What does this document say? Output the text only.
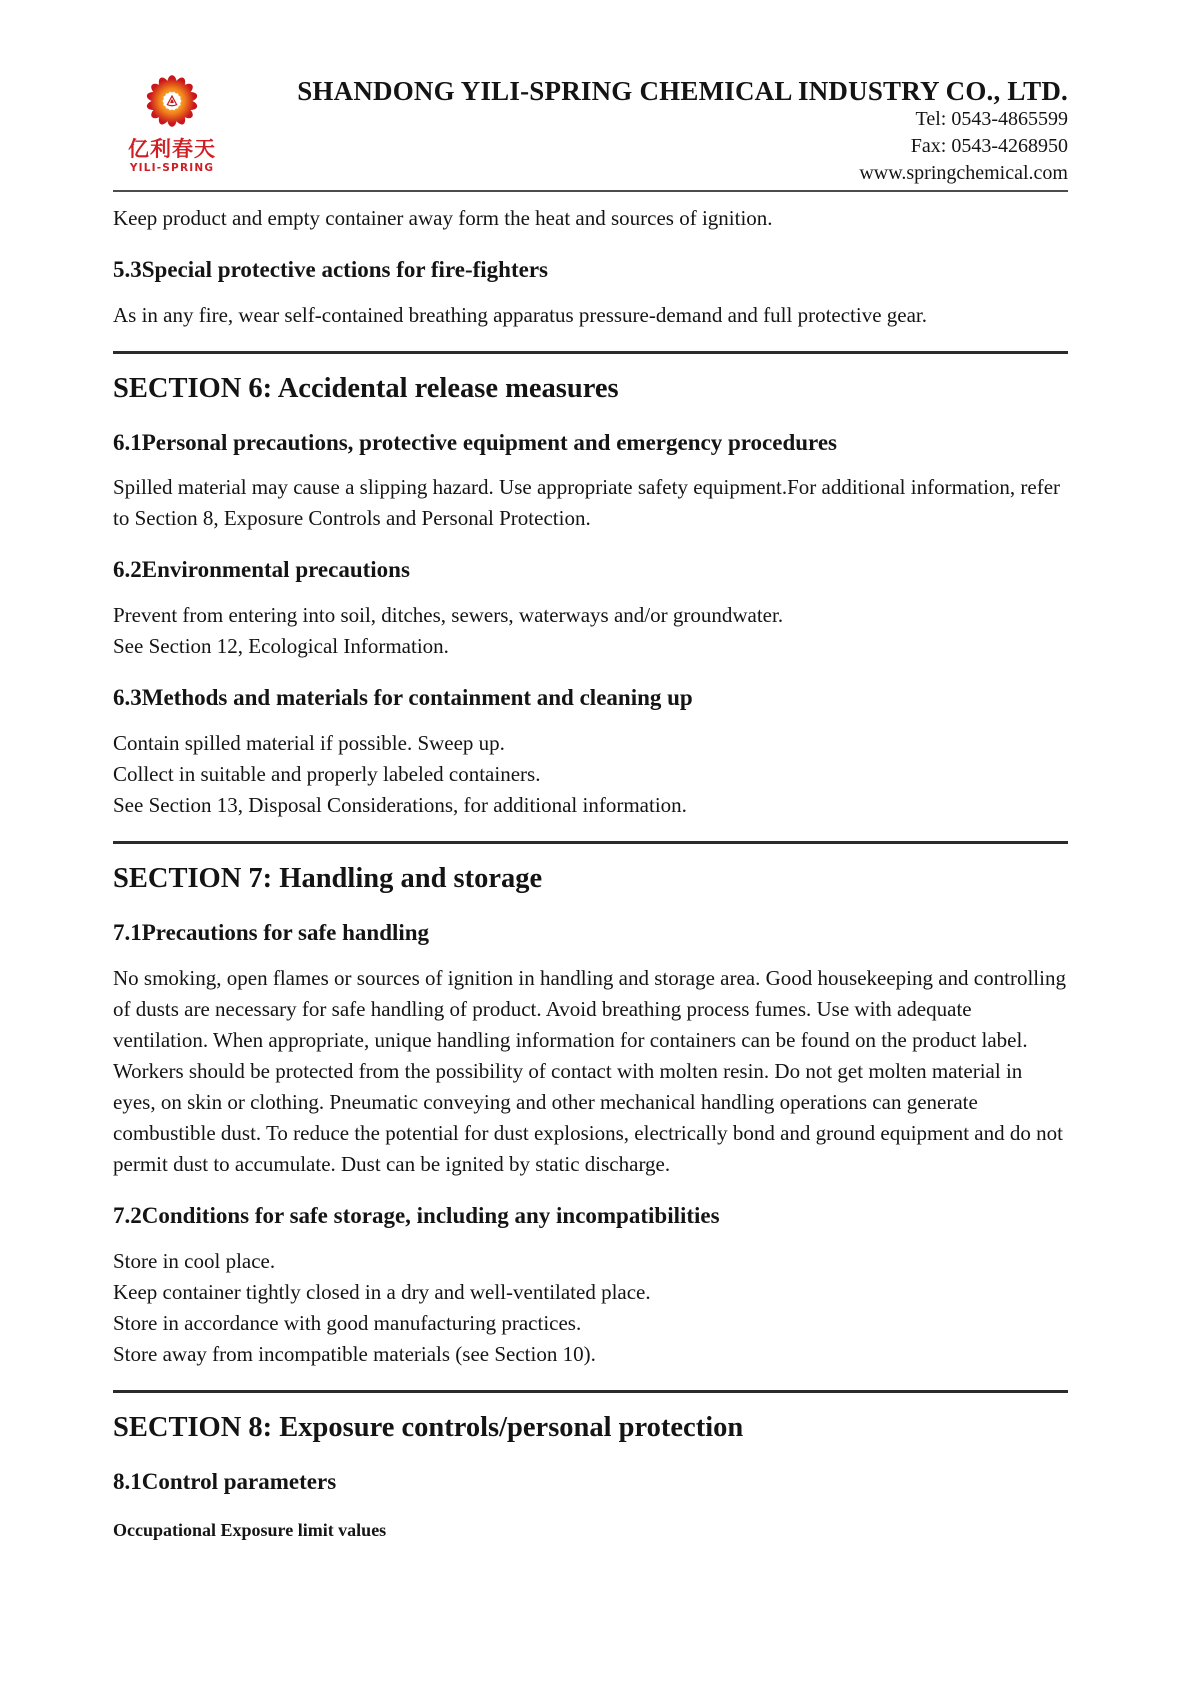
亿利春天
YILI-SPRING
SHANDONG YILI-SPRING CHEMICAL INDUSTRY CO., LTD.
Tel: 0543-4865599
Fax: 0543-4268950
www.springchemical.com
Keep product and empty container away form the heat and sources of ignition.
5.3Special protective actions for fire-fighters
As in any fire, wear self-contained breathing apparatus pressure-demand and full protective gear.
SECTION 6: Accidental release measures
6.1Personal precautions, protective equipment and emergency procedures
Spilled material may cause a slipping hazard. Use appropriate safety equipment.For additional information, refer to Section 8, Exposure Controls and Personal Protection.
6.2Environmental precautions
Prevent from entering into soil, ditches, sewers, waterways and/or groundwater.
See Section 12, Ecological Information.
6.3Methods and materials for containment and cleaning up
Contain spilled material if possible. Sweep up.
Collect in suitable and properly labeled containers.
See Section 13, Disposal Considerations, for additional information.
SECTION 7: Handling and storage
7.1Precautions for safe handling
No smoking, open flames or sources of ignition in handling and storage area. Good housekeeping and controlling of dusts are necessary for safe handling of product. Avoid breathing process fumes. Use with adequate ventilation. When appropriate, unique handling information for containers can be found on the product label. Workers should be protected from the possibility of contact with molten resin. Do not get molten material in eyes, on skin or clothing. Pneumatic conveying and other mechanical handling operations can generate combustible dust. To reduce the potential for dust explosions, electrically bond and ground equipment and do not permit dust to accumulate. Dust can be ignited by static discharge.
7.2Conditions for safe storage, including any incompatibilities
Store in cool place.
Keep container tightly closed in a dry and well-ventilated place.
Store in accordance with good manufacturing practices.
Store away from incompatible materials (see Section 10).
SECTION 8: Exposure controls/personal protection
8.1Control parameters
Occupational Exposure limit values
